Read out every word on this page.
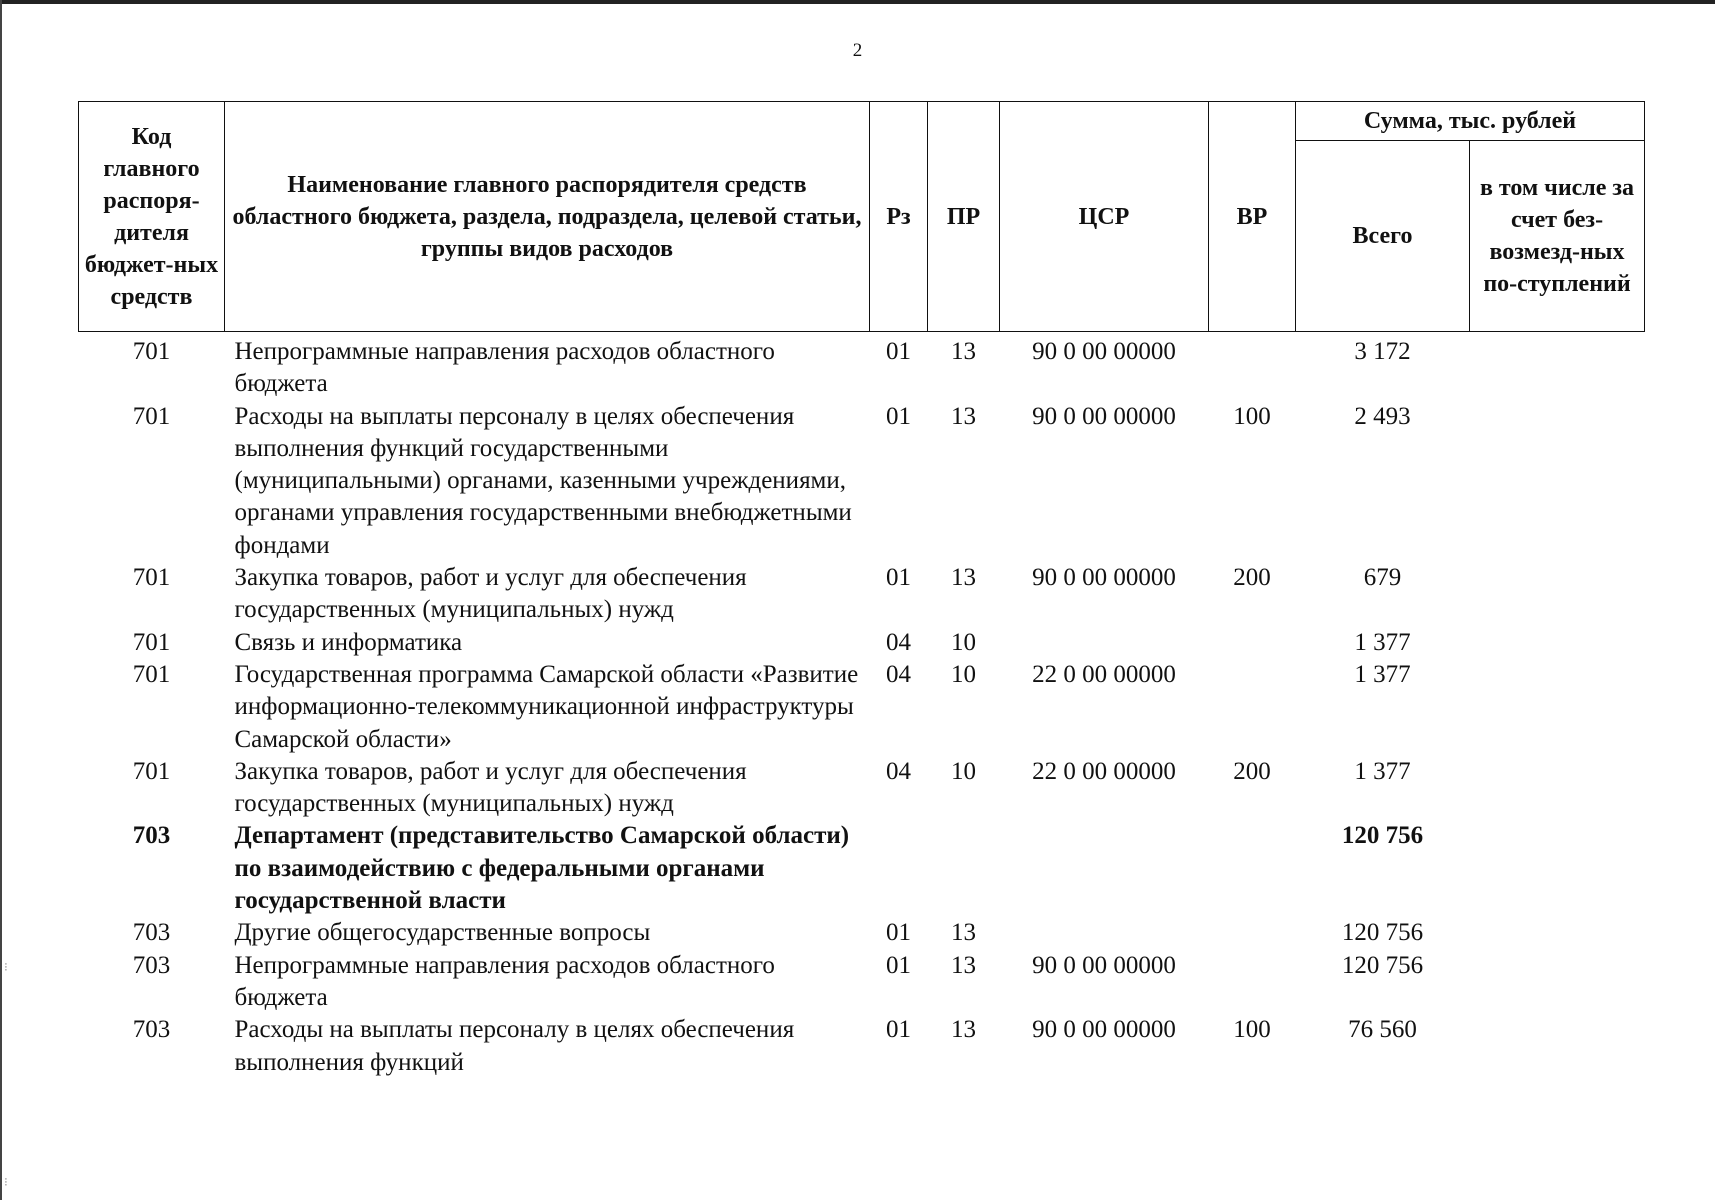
2
Код главного распоря-дителя бюджет-ных средств	Наименование главного распорядителя средств областного бюджета, раздела, подраздела, целевой статьи, группы видов расходов	Рз	ПР	ЦСР	ВР	Сумма, тыс. рублей	
						Всего	в том числе за счет без-возмезд-ных по-ступлений
701	Непрограммные направления расходов областного бюджета	01	13	90 0 00 00000		3 172	
701	Расходы на выплаты персоналу в целях обеспечения выполнения функций государственными (муниципальными) органами, казенными учреждениями, органами управления государственными внебюджетными фондами	01	13	90 0 00 00000	100	2 493	
701	Закупка товаров, работ и услуг для обеспечения государственных (муниципальных) нужд	01	13	90 0 00 00000	200	679	
701	Связь и информатика	04	10			1 377	
701	Государственная программа Самарской области «Развитие информационно-телекоммуникационной инфраструктуры Самарской области»	04	10	22 0 00 00000		1 377	
701	Закупка товаров, работ и услуг для обеспечения государственных (муниципальных) нужд	04	10	22 0 00 00000	200	1 377	
703	Департамент (представительство Самарской области) по взаимодействию с федеральными органами государственной власти					120 756	
703	Другие общегосударственные вопросы	01	13			120 756	
703	Непрограммные направления расходов областного бюджета	01	13	90 0 00 00000		120 756	
703	Расходы на выплаты персоналу в целях обеспечения выполнения функций	01	13	90 0 00 00000	100	76 560	
⁝
⁝
